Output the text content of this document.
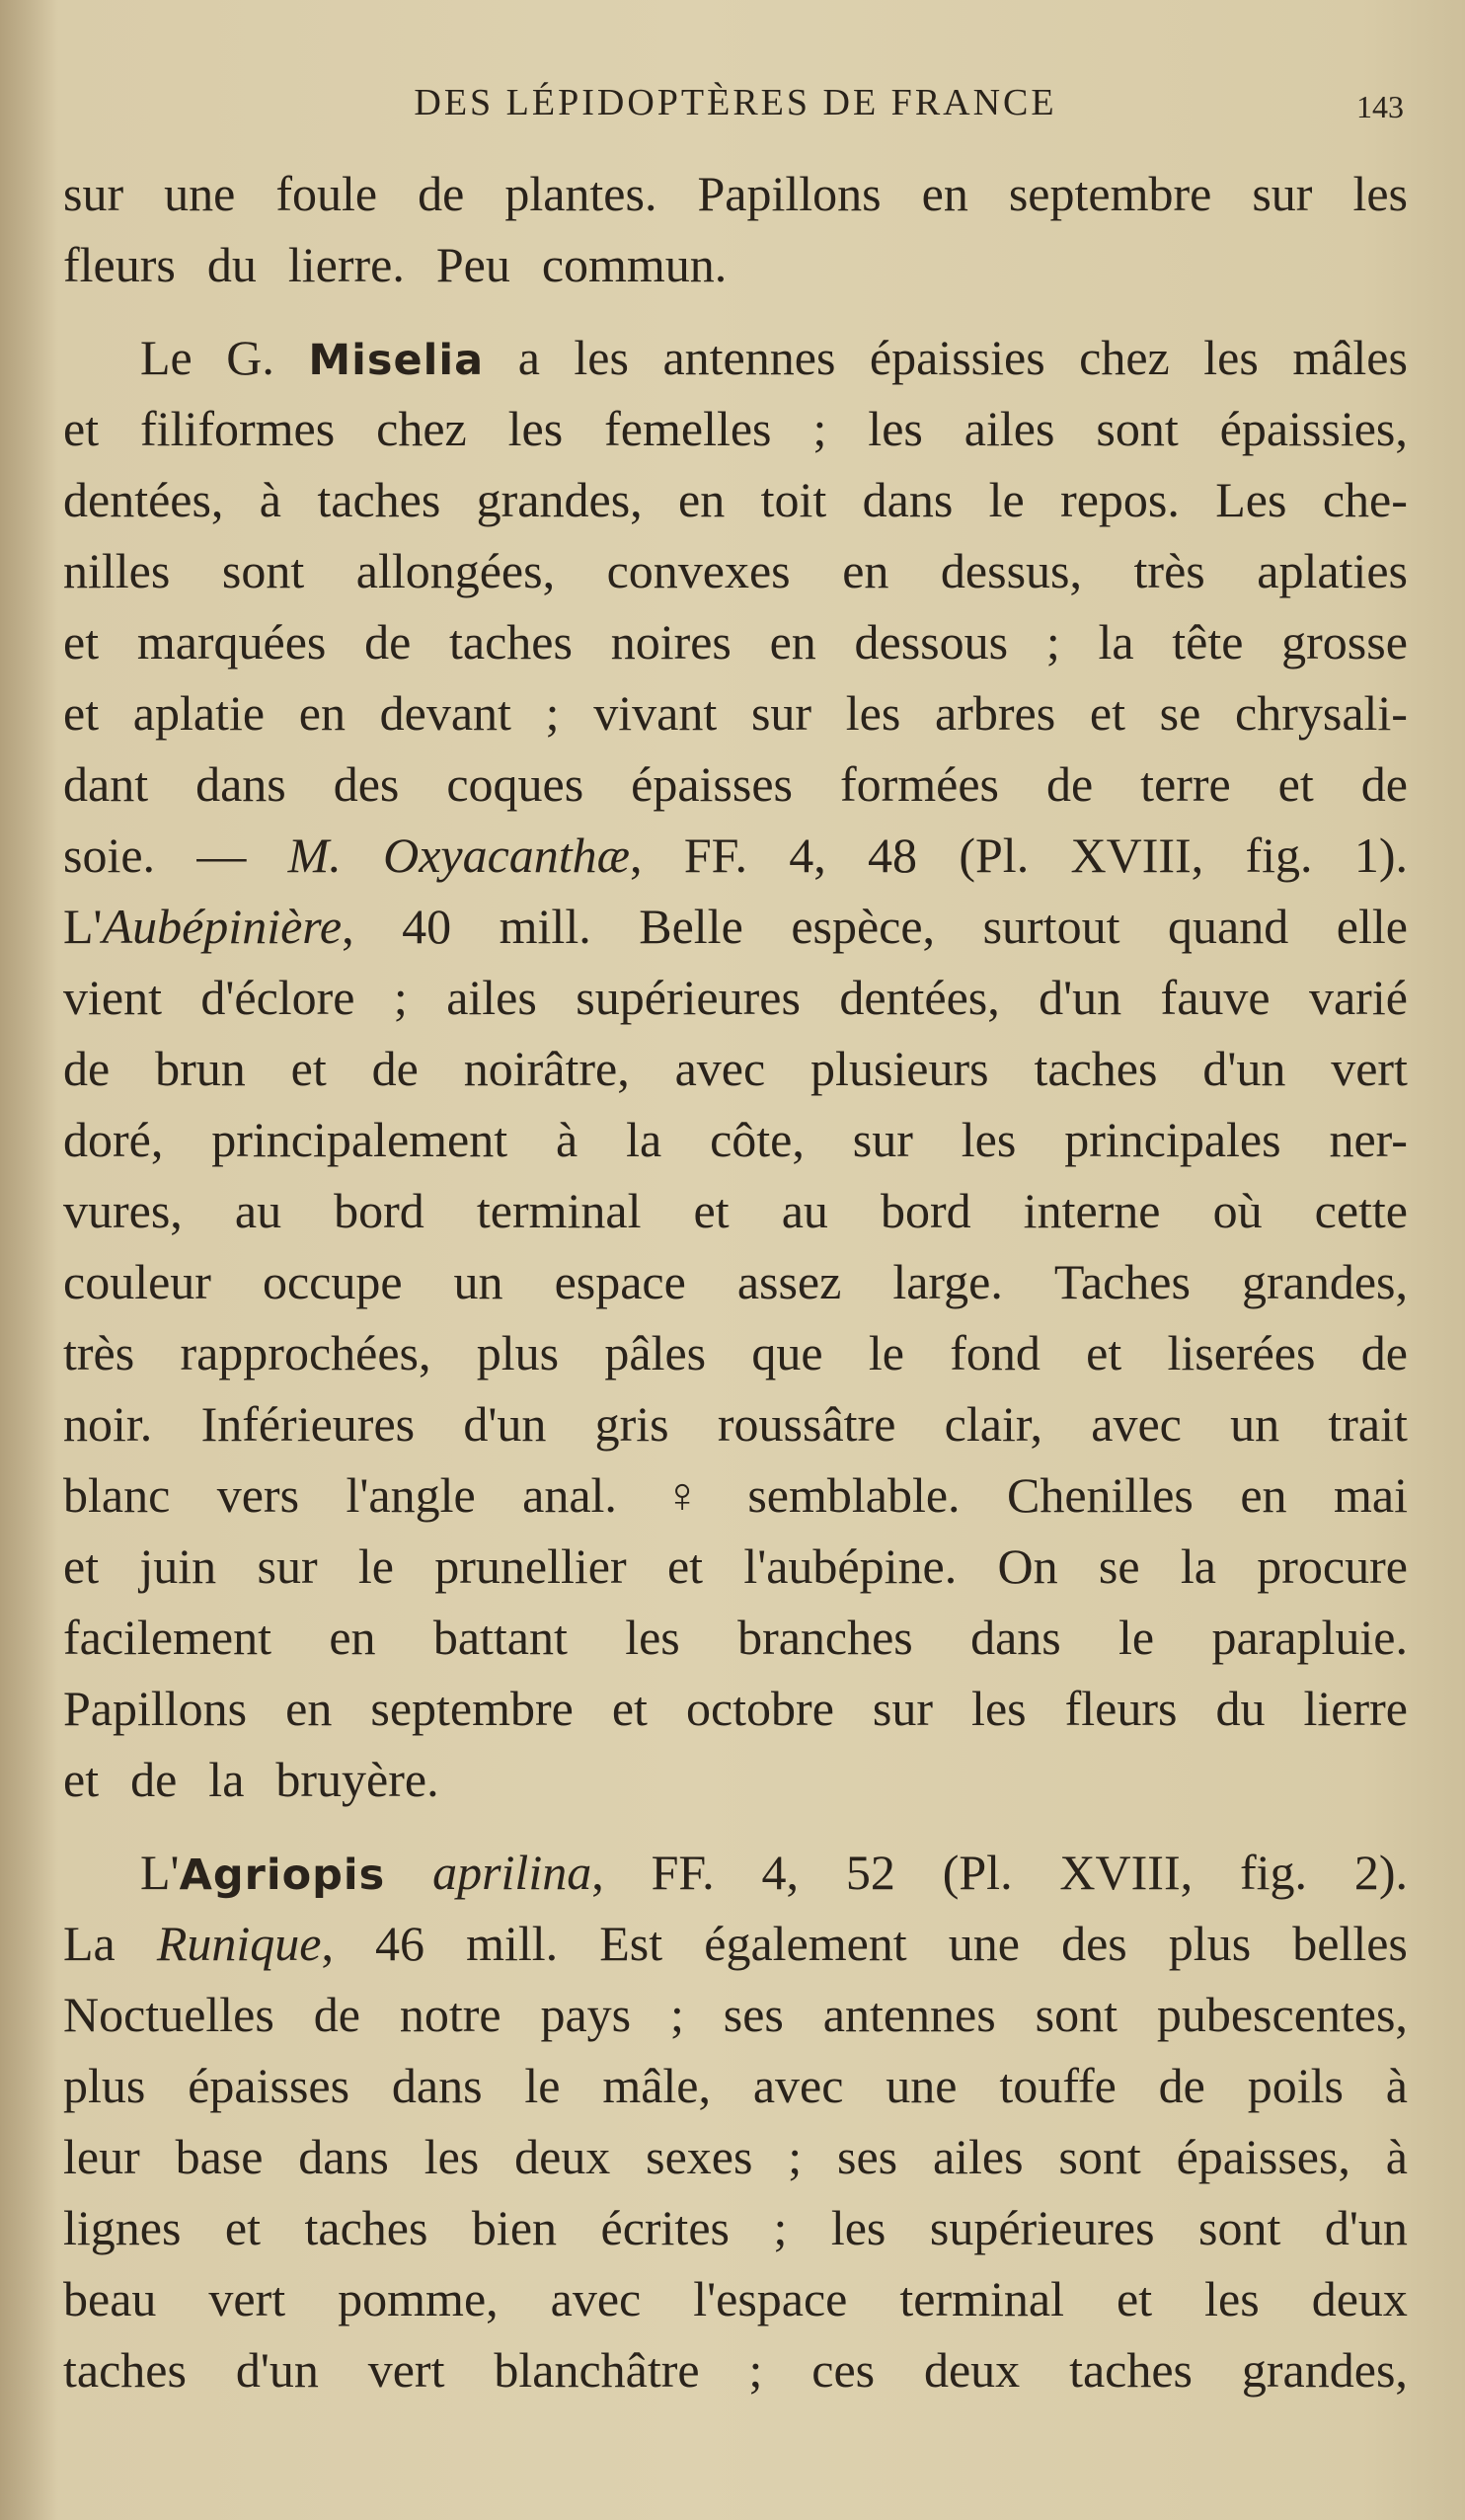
DES LÉPIDOPTÈRES DE FRANCE	143
sur une foule de plantes. Papillons en septembre sur les
fleurs du lierre. Peu commun.
Le G. Miselia a les antennes épaissies chez les mâles
et filiformes chez les femelles ; les ailes sont épaissies,
dentées, à taches grandes, en toit dans le repos. Les che-
nilles sont allongées, convexes en dessus, très aplaties
et marquées de taches noires en dessous ; la tête grosse
et aplatie en devant ; vivant sur les arbres et se chrysali-
dant dans des coques épaisses formées de terre et de
soie. — M. Oxyacanthæ, FF. 4, 48 (Pl. XVIII, fig. 1).
L'Aubépinière, 40 mill. Belle espèce, surtout quand elle
vient d'éclore ; ailes supérieures dentées, d'un fauve varié
de brun et de noirâtre, avec plusieurs taches d'un vert
doré, principalement à la côte, sur les principales ner-
vures, au bord terminal et au bord interne où cette
couleur occupe un espace assez large. Taches grandes,
très rapprochées, plus pâles que le fond et liserées de
noir. Inférieures d'un gris roussâtre clair, avec un trait
blanc vers l'angle anal. ♀ semblable. Chenilles en mai
et juin sur le prunellier et l'aubépine. On se la procure
facilement en battant les branches dans le parapluie.
Papillons en septembre et octobre sur les fleurs du lierre
et de la bruyère.
L'Agriopis aprilina, FF. 4, 52 (Pl. XVIII, fig. 2).
La Runique, 46 mill. Est également une des plus belles
Noctuelles de notre pays ; ses antennes sont pubescentes,
plus épaisses dans le mâle, avec une touffe de poils à
leur base dans les deux sexes ; ses ailes sont épaisses, à
lignes et taches bien écrites ; les supérieures sont d'un
beau vert pomme, avec l'espace terminal et les deux
taches d'un vert blanchâtre ; ces deux taches grandes,
